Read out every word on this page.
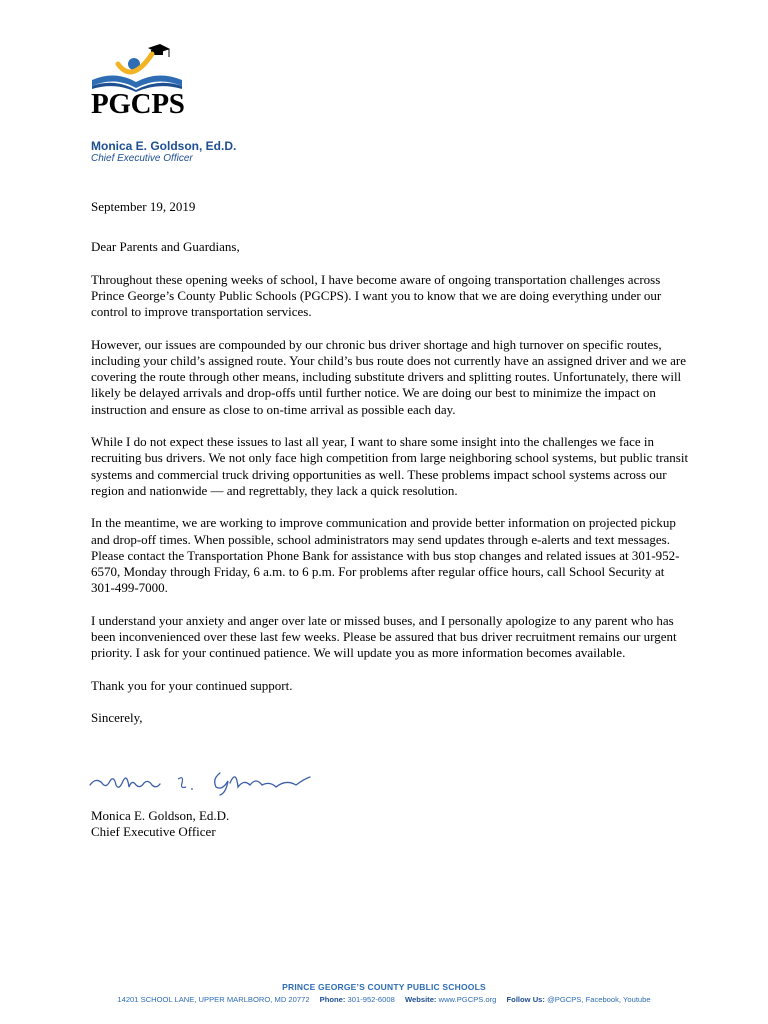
PGCPS
Monica E. Goldson, Ed.D.
Chief Executive Officer

September 19, 2019

Dear Parents and Guardians,

Throughout these opening weeks of school, I have become aware of ongoing transportation challenges across Prince George’s County Public Schools (PGCPS). I want you to know that we are doing everything under our control to improve transportation services.

However, our issues are compounded by our chronic bus driver shortage and high turnover on specific routes, including your child’s assigned route. Your child’s bus route does not currently have an assigned driver and we are covering the route through other means, including substitute drivers and splitting routes. Unfortunately, there will likely be delayed arrivals and drop-offs until further notice. We are doing our best to minimize the impact on instruction and ensure as close to on-time arrival as possible each day.

While I do not expect these issues to last all year, I want to share some insight into the challenges we face in recruiting bus drivers. We not only face high competition from large neighboring school systems, but public transit systems and commercial truck driving opportunities as well. These problems impact school systems across our region and nationwide — and regrettably, they lack a quick resolution.

In the meantime, we are working to improve communication and provide better information on projected pickup and drop-off times. When possible, school administrators may send updates through e-alerts and text messages. Please contact the Transportation Phone Bank for assistance with bus stop changes and related issues at 301-952-6570, Monday through Friday, 6 a.m. to 6 p.m. For problems after regular office hours, call School Security at 301-499-7000.

I understand your anxiety and anger over late or missed buses, and I personally apologize to any parent who has been inconvenienced over these last few weeks. Please be assured that bus driver recruitment remains our urgent priority. I ask for your continued patience. We will update you as more information becomes available.

Thank you for your continued support.

Sincerely,

Monica E. Goldson, Ed.D.
Chief Executive Officer
PRINCE GEORGE’S COUNTY PUBLIC SCHOOLS
14201 SCHOOL LANE, UPPER MARLBORO, MD 20772 Phone: 301-952-6008 Website: www.PGCPS.org Follow Us: @PGCPS, Facebook, Youtube
